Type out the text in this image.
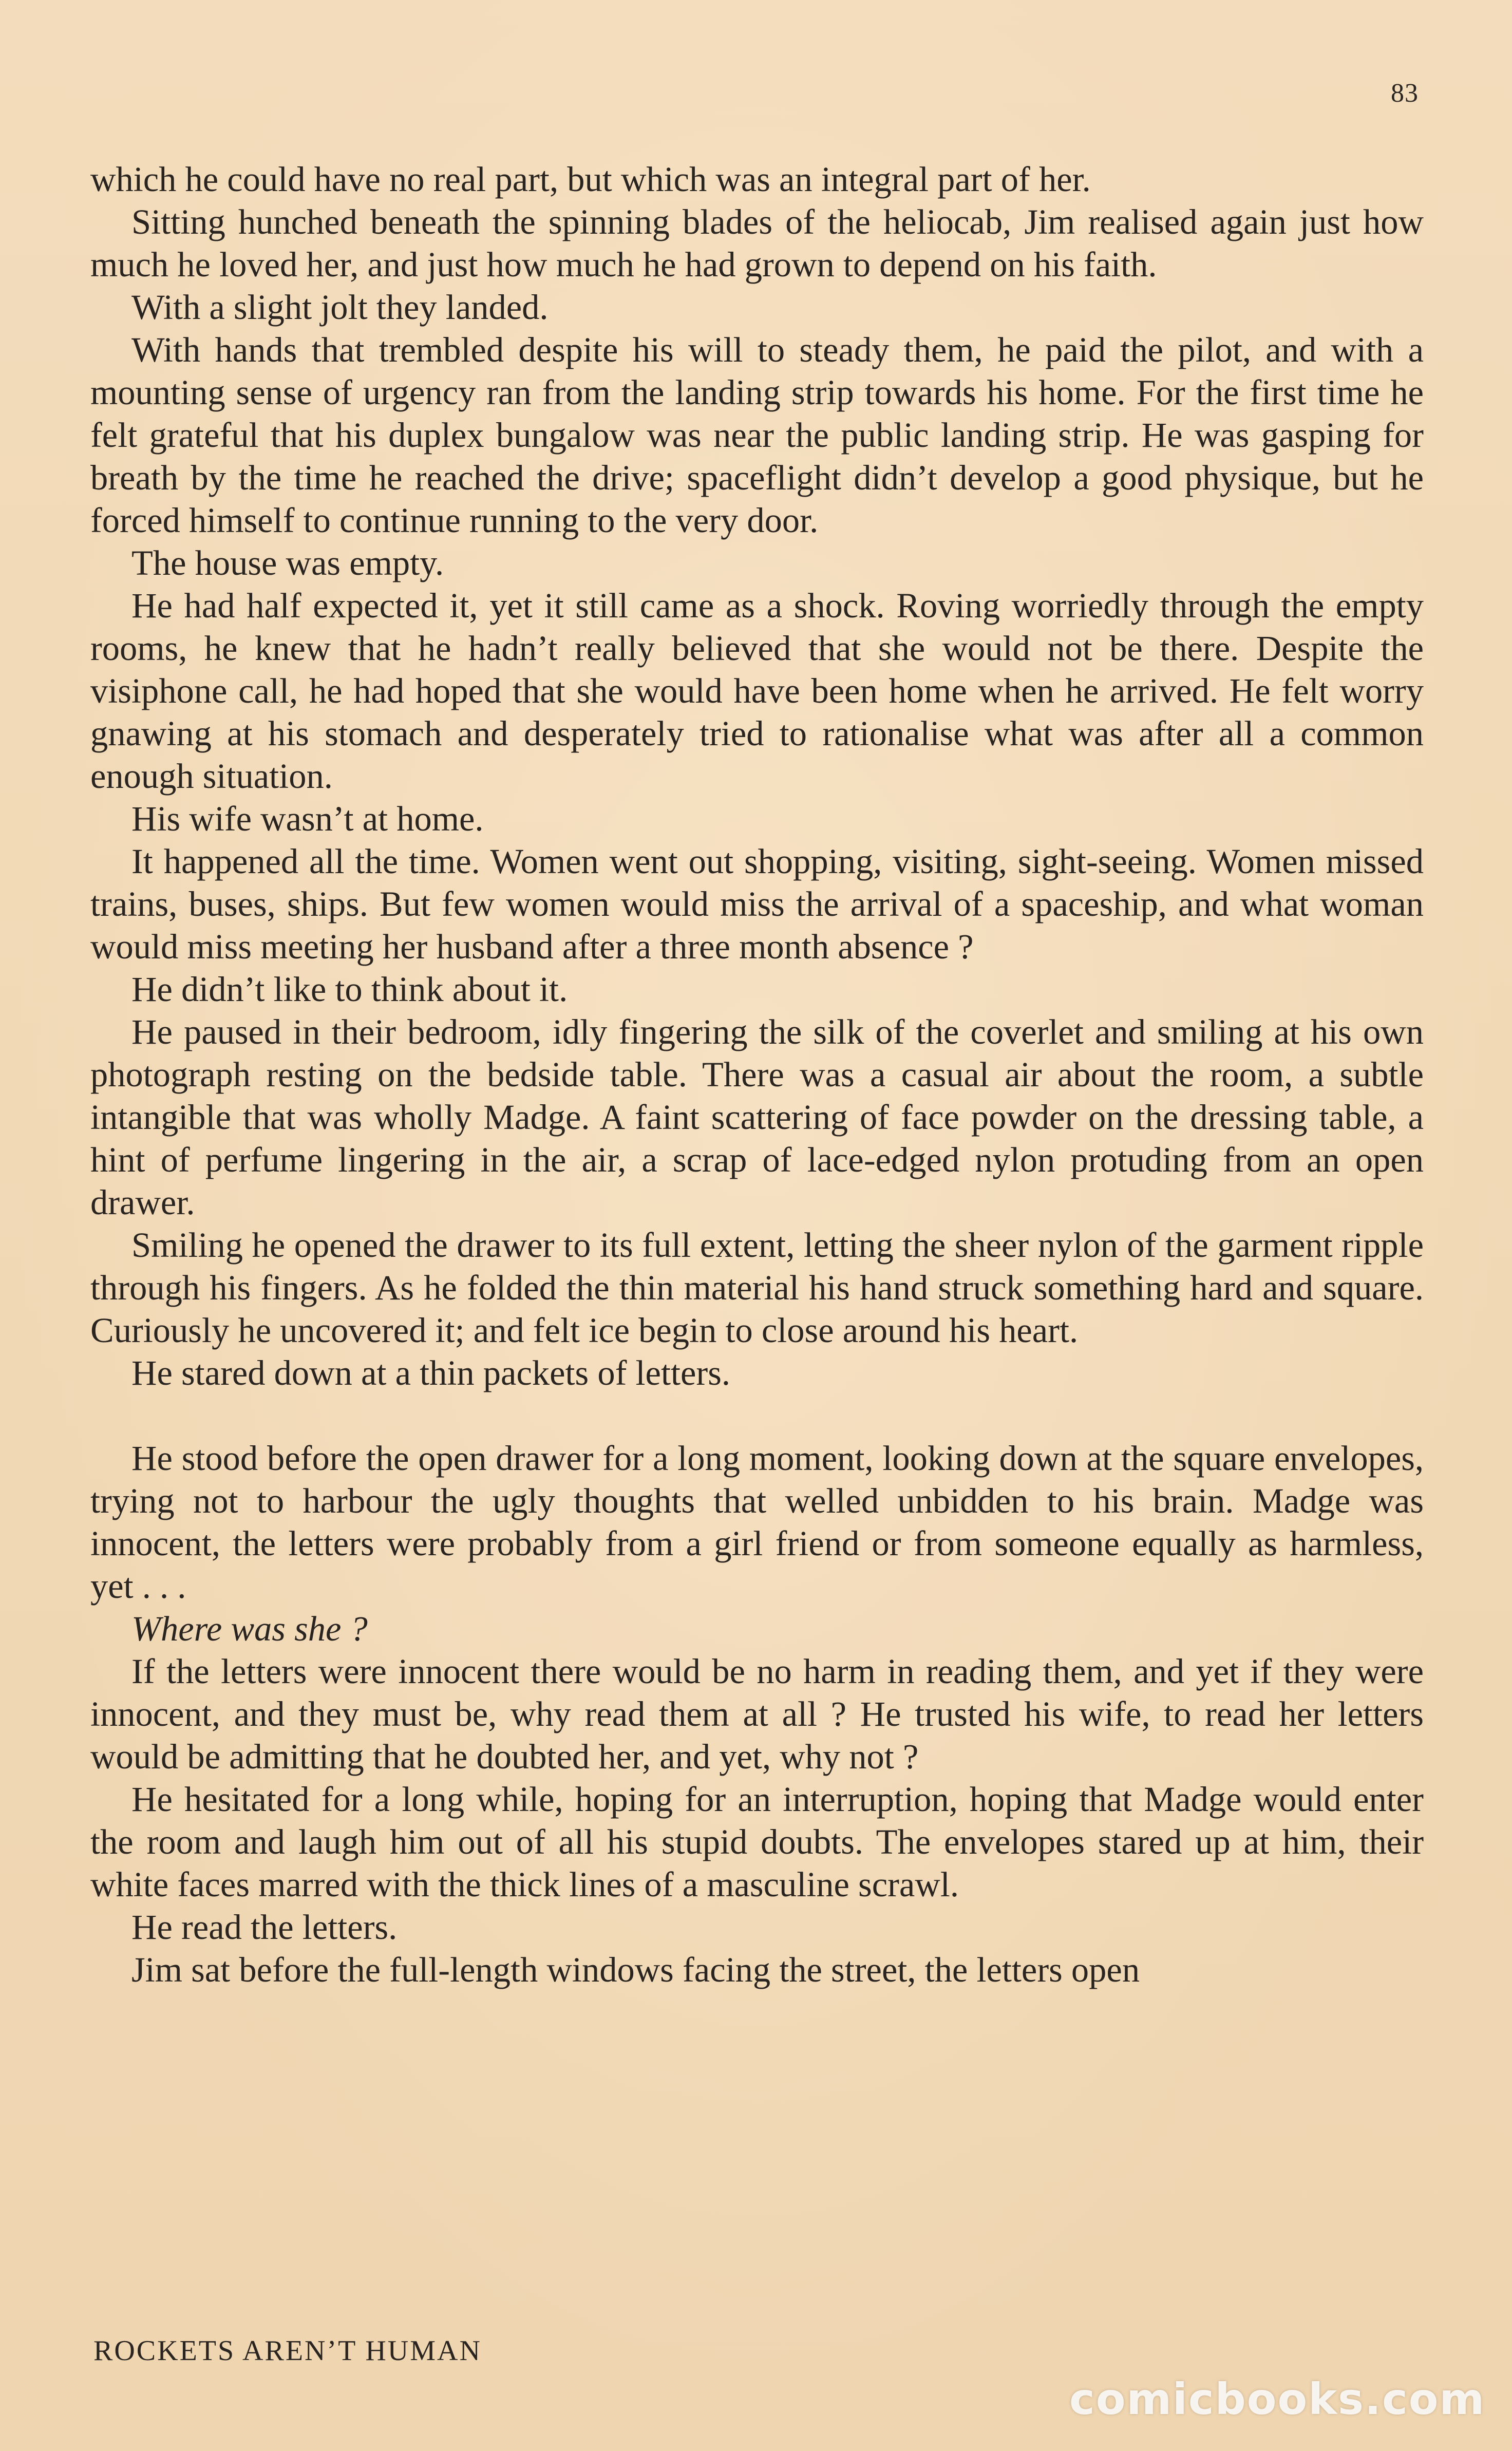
83

which he could have no real part, but which was an integral part of her.

Sitting hunched beneath the spinning blades of the heliocab, Jim realised again just how much he loved her, and just how much he had grown to depend on his faith.

With a slight jolt they landed.

With hands that trembled despite his will to steady them, he paid the pilot, and with a mounting sense of urgency ran from the landing strip towards his home. For the first time he felt grateful that his duplex bungalow was near the public landing strip. He was gasping for breath by the time he reached the drive; spaceflight didn’t develop a good physique, but he forced himself to continue running to the very door.

The house was empty.

He had half expected it, yet it still came as a shock. Roving worriedly through the empty rooms, he knew that he hadn’t really believed that she would not be there. Despite the visiphone call, he had hoped that she would have been home when he arrived. He felt worry gnawing at his stomach and desperately tried to rationalise what was after all a common enough situation.

His wife wasn’t at home.

It happened all the time. Women went out shopping, visiting, sight-seeing. Women missed trains, buses, ships. But few women would miss the arrival of a spaceship, and what woman would miss meeting her husband after a three month absence ?

He didn’t like to think about it.

He paused in their bedroom, idly fingering the silk of the coverlet and smiling at his own photograph resting on the bedside table. There was a casual air about the room, a subtle intangible that was wholly Madge. A faint scattering of face powder on the dressing table, a hint of perfume lingering in the air, a scrap of lace-edged nylon protuding from an open drawer.

Smiling he opened the drawer to its full extent, letting the sheer nylon of the garment ripple through his fingers. As he folded the thin material his hand struck something hard and square. Curiously he uncovered it; and felt ice begin to close around his heart.

He stared down at a thin packets of letters.

He stood before the open drawer for a long moment, looking down at the square envelopes, trying not to harbour the ugly thoughts that welled unbidden to his brain. Madge was innocent, the letters were probably from a girl friend or from someone equally as harmless, yet . . .

Where was she ?

If the letters were innocent there would be no harm in reading them, and yet if they were innocent, and they must be, why read them at all ? He trusted his wife, to read her letters would be admitting that he doubted her, and yet, why not ?

He hesitated for a long while, hoping for an interruption, hoping that Madge would enter the room and laugh him out of all his stupid doubts. The envelopes stared up at him, their white faces marred with the thick lines of a masculine scrawl.

He read the letters.

Jim sat before the full-length windows facing the street, the letters open

ROCKETS AREN’T HUMAN
comicbooks.com
